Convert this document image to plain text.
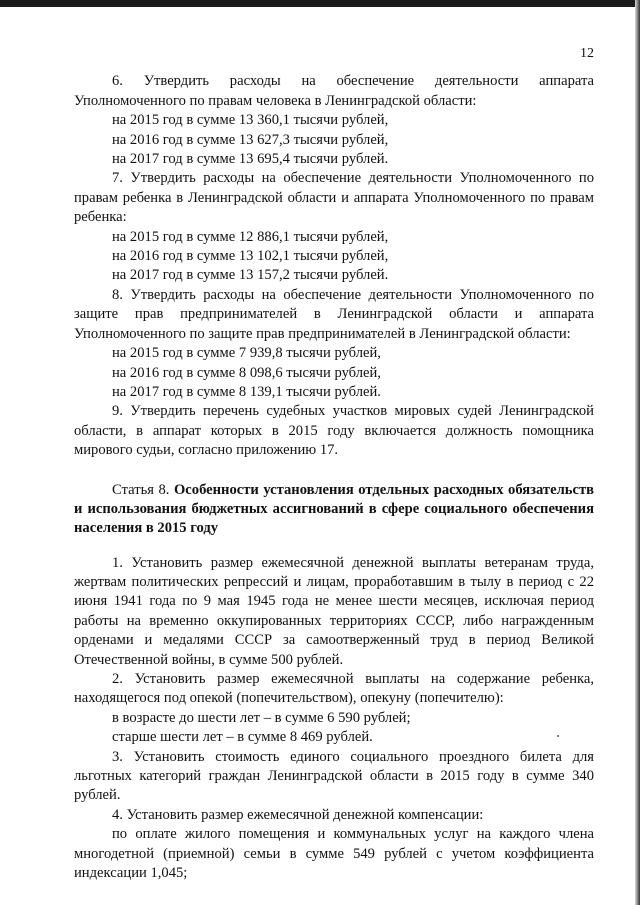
12

6. Утвердить расходы на обеспечение деятельности аппарата Уполномоченного по правам человека в Ленинградской области:

на 2015 год в сумме 13 360,1 тысячи рублей,

на 2016 год в сумме 13 627,3 тысячи рублей,

на 2017 год в сумме 13 695,4 тысячи рублей.

7. Утвердить расходы на обеспечение деятельности Уполномоченного по правам ребенка в Ленинградской области и аппарата Уполномоченного по правам ребенка:

на 2015 год в сумме 12 886,1 тысячи рублей,

на 2016 год в сумме 13 102,1 тысячи рублей,

на 2017 год в сумме 13 157,2 тысячи рублей.

8. Утвердить расходы на обеспечение деятельности Уполномоченного по защите прав предпринимателей в Ленинградской области и аппарата Уполномоченного по защите прав предпринимателей в Ленинградской области:

на 2015 год в сумме 7 939,8 тысячи рублей,

на 2016 год в сумме 8 098,6 тысячи рублей,

на 2017 год в сумме 8 139,1 тысячи рублей.

9. Утвердить перечень судебных участков мировых судей Ленинградской области, в аппарат которых в 2015 году включается должность помощника мирового судьи, согласно приложению 17.

Статья 8. Особенности установления отдельных расходных обязательств и использования бюджетных ассигнований в сфере социального обеспечения населения в 2015 году

1. Установить размер ежемесячной денежной выплаты ветеранам труда, жертвам политических репрессий и лицам, проработавшим в тылу в период с 22 июня 1941 года по 9 мая 1945 года не менее шести месяцев, исключая период работы на временно оккупированных территориях СССР, либо награжденным орденами и медалями СССР за самоотверженный труд в период Великой Отечественной войны, в сумме 500 рублей.

2. Установить размер ежемесячной выплаты на содержание ребенка, находящегося под опекой (попечительством), опекуну (попечителю):

в возрасте до шести лет – в сумме 6 590 рублей;

старше шести лет – в сумме 8 469 рублей.

3. Установить стоимость единого социального проездного билета для льготных категорий граждан Ленинградской области в 2015 году в сумме 340 рублей.

4. Установить размер ежемесячной денежной компенсации:

по оплате жилого помещения и коммунальных услуг на каждого члена многодетной (приемной) семьи в сумме 549 рублей с учетом коэффициента индексации 1,045;
